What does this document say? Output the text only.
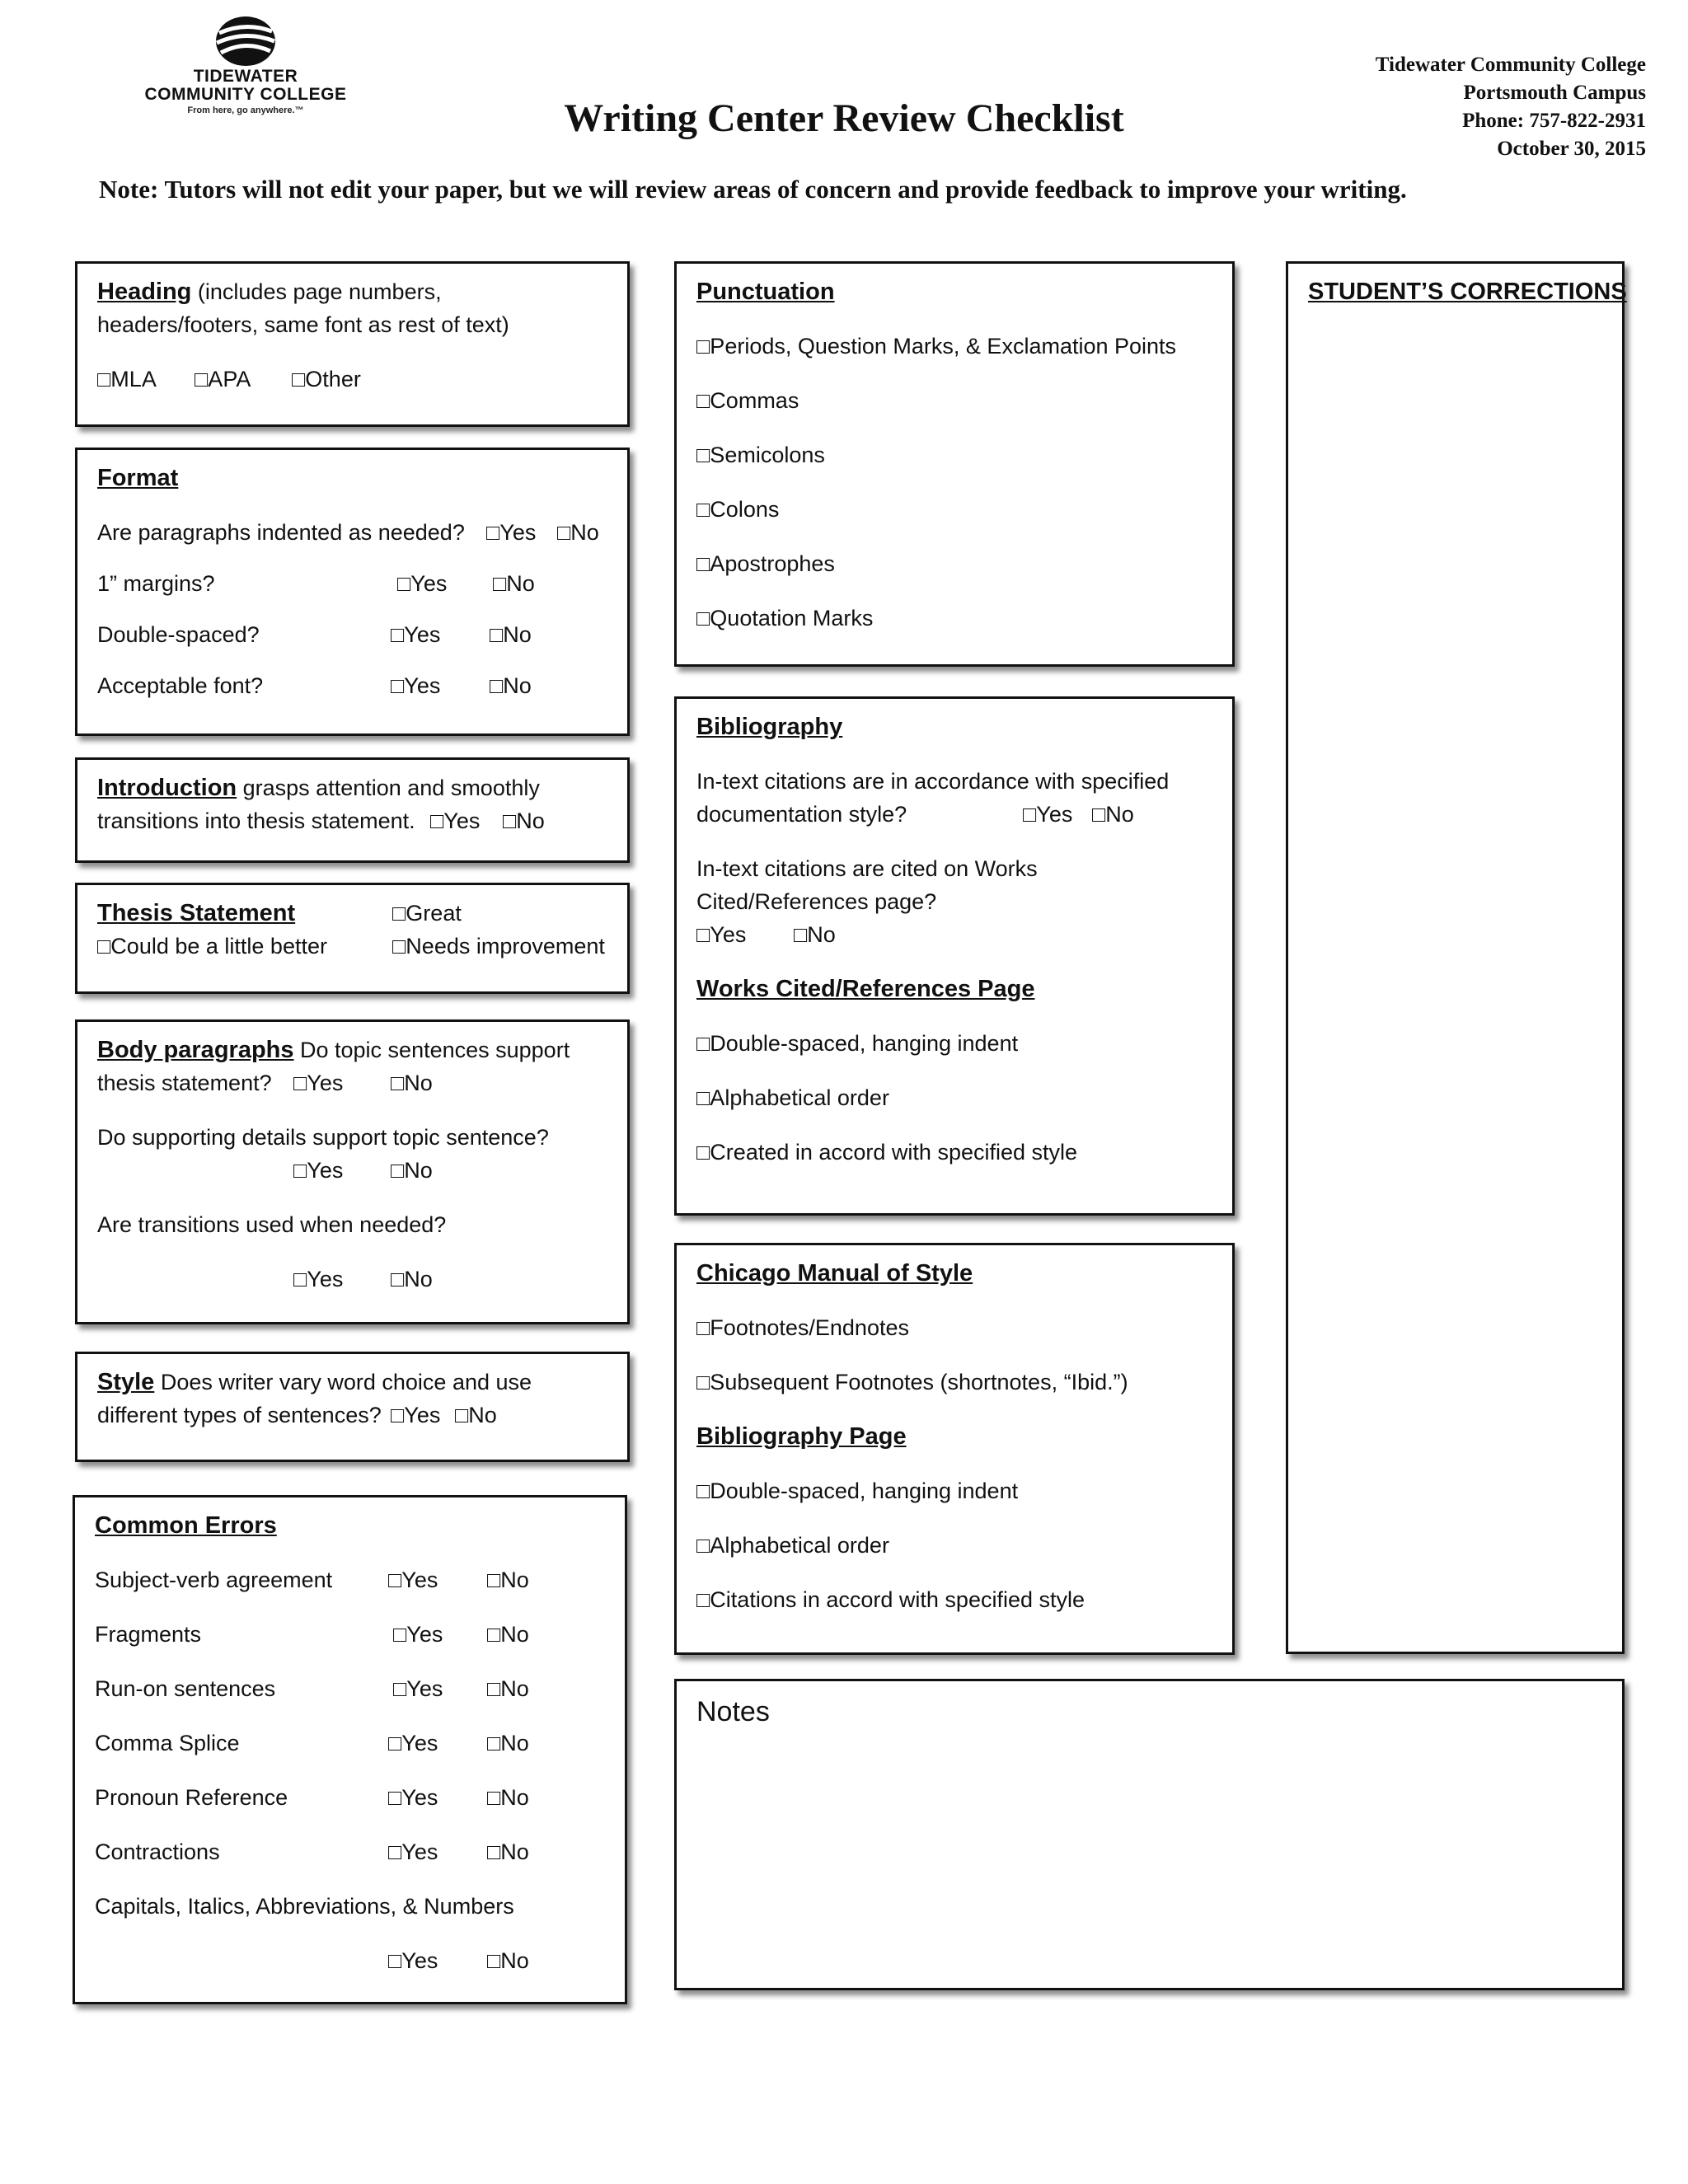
TIDEWATER
COMMUNITY COLLEGE
From here, go anywhere.™	Writing Center Review Checklist
Tidewater Community College
Portsmouth Campus
Phone: 757-822-2931
October 30, 2015
Note: Tutors will not edit your paper, but we will review areas of concern and provide feedback to improve your writing.

Heading (includes page numbers,

headers/footers, same font as rest of text)

□MLA □APA □Other

Format

Are paragraphs indented as needed? □Yes □No
1” margins?	□Yes □No
Double-spaced?	□Yes □No
Acceptable font?	□Yes □No

Introduction grasps attention and smoothly

transitions into thesis statement. □Yes □No
Thesis Statement	□Great
□Could be a little better	□Needs improvement

Body paragraphs Do topic sentences support

thesis statement? □Yes □No

Do supporting details support topic sentence?

□Yes □No

Are transitions used when needed?

□Yes □No

Style Does writer vary word choice and use

different types of sentences? □Yes □No

Common Errors

Subject-verb agreement	□Yes □No
Fragments	□Yes □No
Run-on sentences	□Yes □No
Comma Splice	□Yes □No
Pronoun Reference	□Yes □No
Contractions	□Yes □No

Capitals, Italics, Abbreviations, & Numbers

□Yes □No

Punctuation

□Periods, Question Marks, & Exclamation Points

□Commas

□Semicolons

□Colons

□Apostrophes

□Quotation Marks

Bibliography

In-text citations are in accordance with specified

documentation style?	□Yes □No

In-text citations are cited on Works

Cited/References page?

□Yes □No

Works Cited/References Page

□Double-spaced, hanging indent

□Alphabetical order

□Created in accord with specified style

Chicago Manual of Style

□Footnotes/Endnotes

□Subsequent Footnotes (shortnotes, “Ibid.”)

Bibliography Page

□Double-spaced, hanging indent

□Alphabetical order

□Citations in accord with specified style

STUDENT’S CORRECTIONS

Notes
